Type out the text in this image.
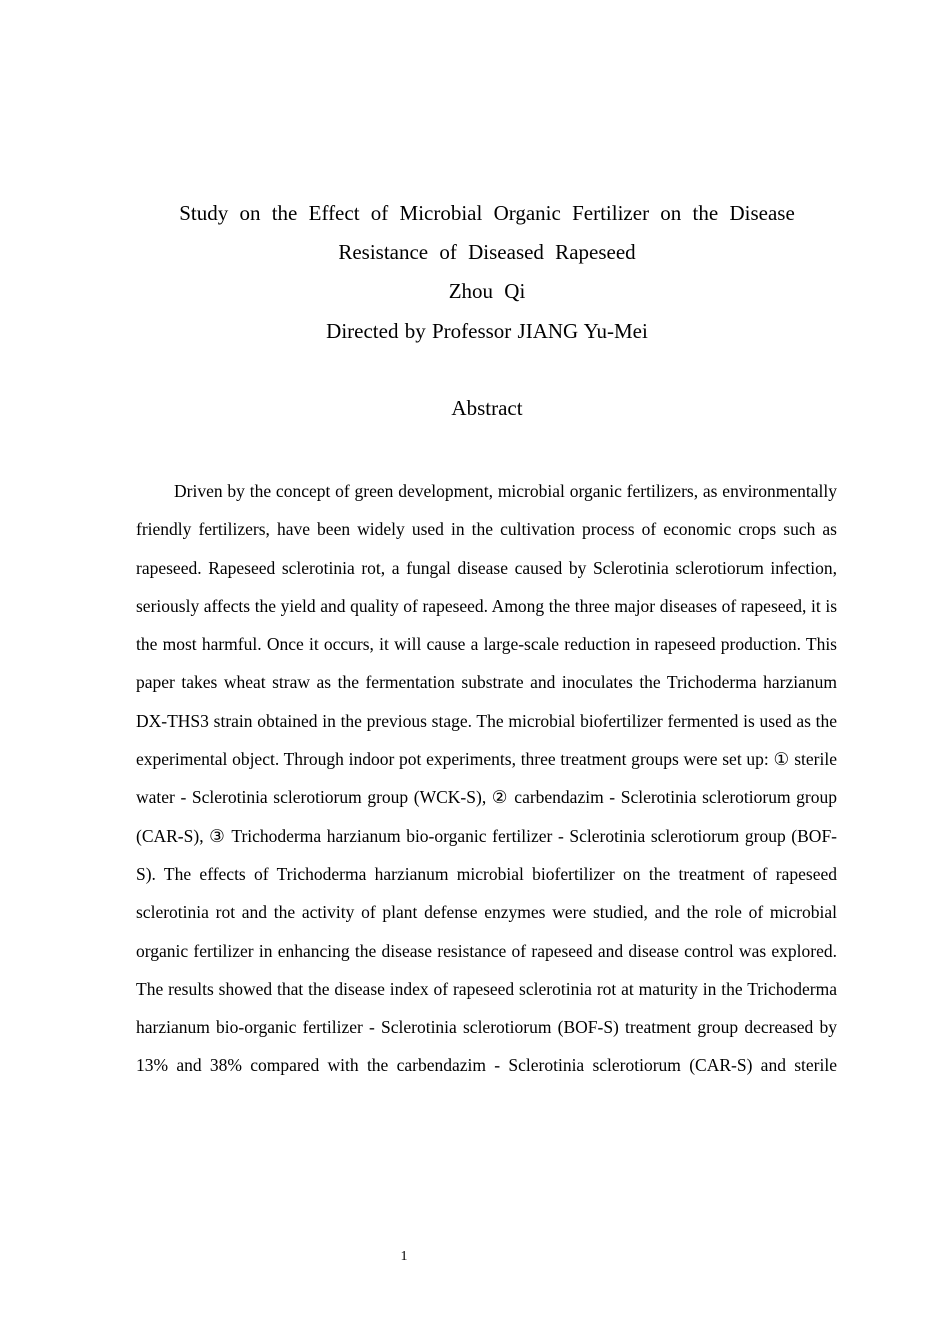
Study on the Effect of Microbial Organic Fertilizer on the Disease
Resistance of Diseased Rapeseed
Zhou Qi
Directed by Professor JIANG Yu-Mei
Abstract

Driven by the concept of green development, microbial organic fertilizers, as environmentally friendly fertilizers, have been widely used in the cultivation process of economic crops such as rapeseed. Rapeseed sclerotinia rot, a fungal disease caused by Sclerotinia sclerotiorum infection, seriously affects the yield and quality of rapeseed. Among the three major diseases of rapeseed, it is the most harmful. Once it occurs, it will cause a large-scale reduction in rapeseed production. This paper takes wheat straw as the fermentation substrate and inoculates the Trichoderma harzianum DX-THS3 strain obtained in the previous stage. The microbial biofertilizer fermented is used as the experimental object. Through indoor pot experiments, three treatment groups were set up: ① sterile water - Sclerotinia sclerotiorum group (WCK-S), ② carbendazim - Sclerotinia sclerotiorum group (CAR-S), ③ Trichoderma harzianum bio-organic fertilizer - Sclerotinia sclerotiorum group (BOF-S). The effects of Trichoderma harzianum microbial biofertilizer on the treatment of rapeseed sclerotinia rot and the activity of plant defense enzymes were studied, and the role of microbial organic fertilizer in enhancing the disease resistance of rapeseed and disease control was explored. The results showed that the disease index of rapeseed sclerotinia rot at maturity in the Trichoderma harzianum bio-organic fertilizer - Sclerotinia sclerotiorum (BOF-S) treatment group decreased by 13% and 38% compared with the carbendazim - Sclerotinia sclerotiorum (CAR-S) and sterile

1
